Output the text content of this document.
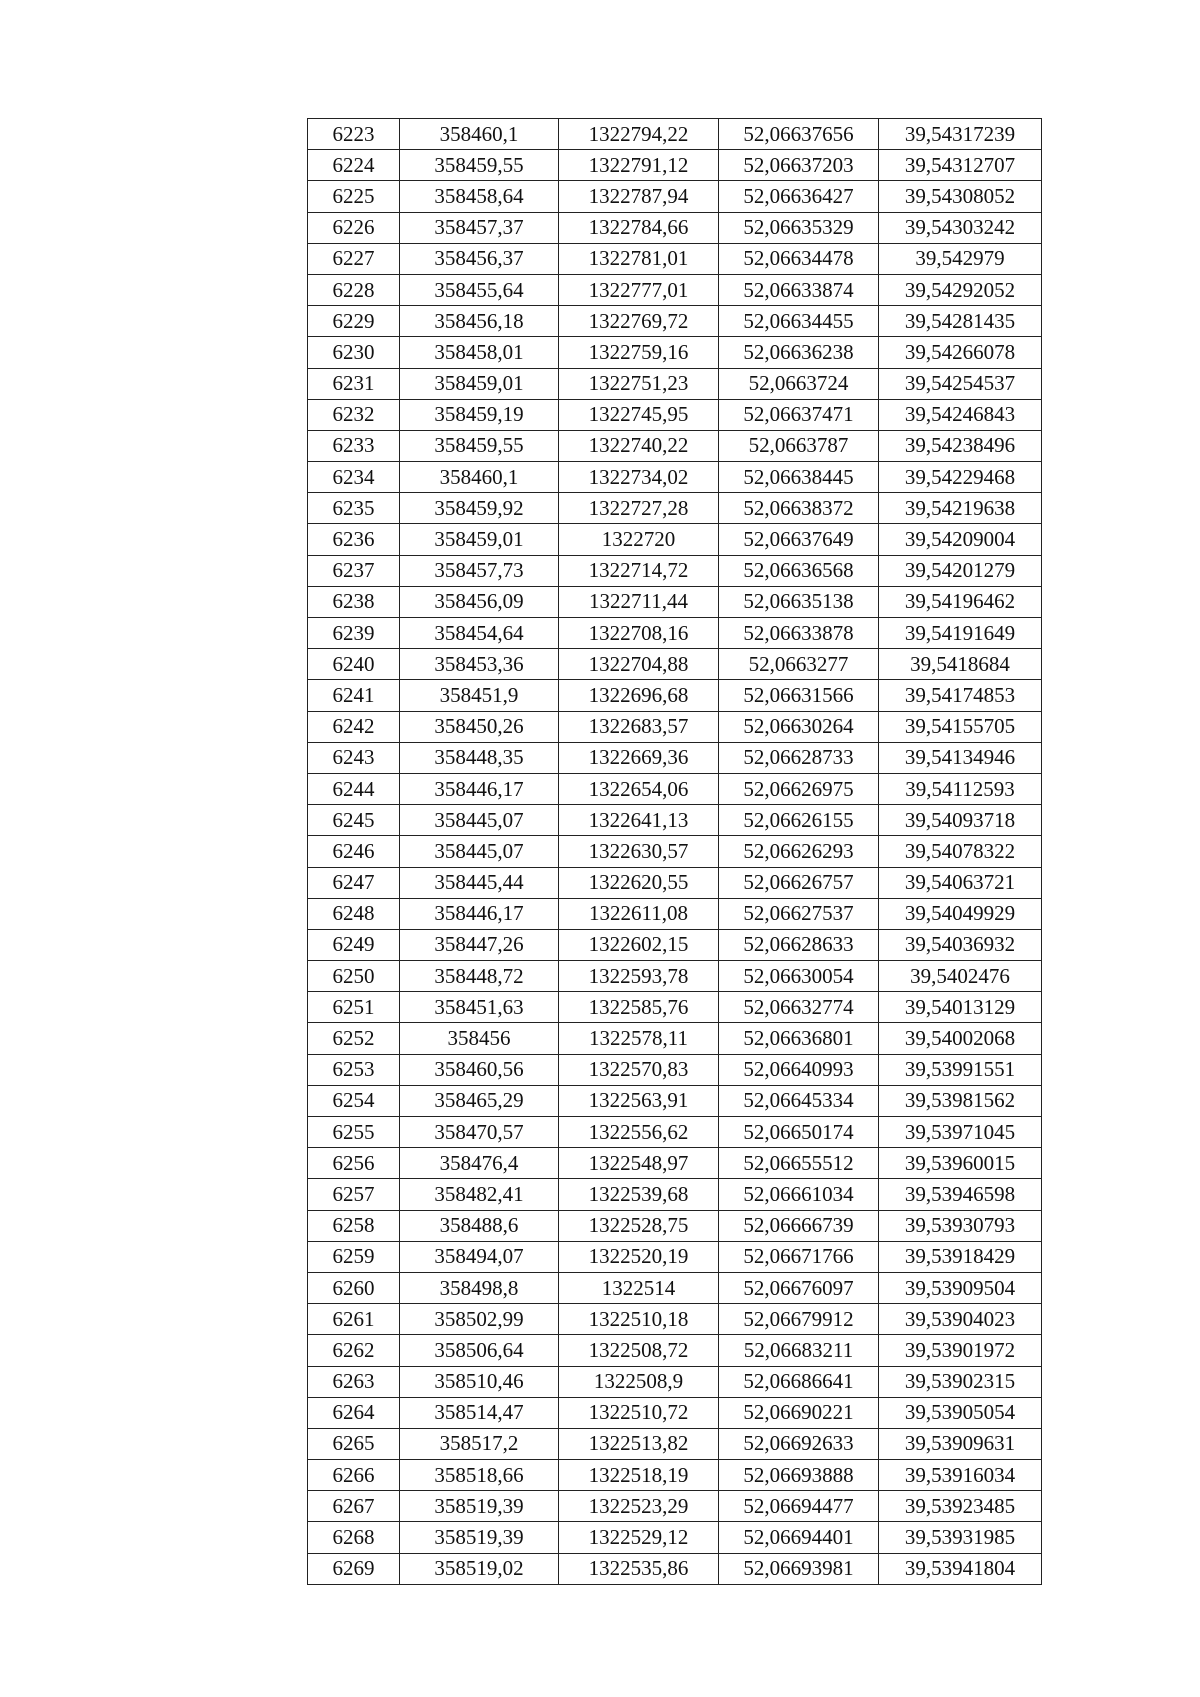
6223	358460,1	1322794,22	52,06637656	39,54317239
6224	358459,55	1322791,12	52,06637203	39,54312707
6225	358458,64	1322787,94	52,06636427	39,54308052
6226	358457,37	1322784,66	52,06635329	39,54303242
6227	358456,37	1322781,01	52,06634478	39,542979
6228	358455,64	1322777,01	52,06633874	39,54292052
6229	358456,18	1322769,72	52,06634455	39,54281435
6230	358458,01	1322759,16	52,06636238	39,54266078
6231	358459,01	1322751,23	52,0663724	39,54254537
6232	358459,19	1322745,95	52,06637471	39,54246843
6233	358459,55	1322740,22	52,0663787	39,54238496
6234	358460,1	1322734,02	52,06638445	39,54229468
6235	358459,92	1322727,28	52,06638372	39,54219638
6236	358459,01	1322720	52,06637649	39,54209004
6237	358457,73	1322714,72	52,06636568	39,54201279
6238	358456,09	1322711,44	52,06635138	39,54196462
6239	358454,64	1322708,16	52,06633878	39,54191649
6240	358453,36	1322704,88	52,0663277	39,5418684
6241	358451,9	1322696,68	52,06631566	39,54174853
6242	358450,26	1322683,57	52,06630264	39,54155705
6243	358448,35	1322669,36	52,06628733	39,54134946
6244	358446,17	1322654,06	52,06626975	39,54112593
6245	358445,07	1322641,13	52,06626155	39,54093718
6246	358445,07	1322630,57	52,06626293	39,54078322
6247	358445,44	1322620,55	52,06626757	39,54063721
6248	358446,17	1322611,08	52,06627537	39,54049929
6249	358447,26	1322602,15	52,06628633	39,54036932
6250	358448,72	1322593,78	52,06630054	39,5402476
6251	358451,63	1322585,76	52,06632774	39,54013129
6252	358456	1322578,11	52,06636801	39,54002068
6253	358460,56	1322570,83	52,06640993	39,53991551
6254	358465,29	1322563,91	52,06645334	39,53981562
6255	358470,57	1322556,62	52,06650174	39,53971045
6256	358476,4	1322548,97	52,06655512	39,53960015
6257	358482,41	1322539,68	52,06661034	39,53946598
6258	358488,6	1322528,75	52,06666739	39,53930793
6259	358494,07	1322520,19	52,06671766	39,53918429
6260	358498,8	1322514	52,06676097	39,53909504
6261	358502,99	1322510,18	52,06679912	39,53904023
6262	358506,64	1322508,72	52,06683211	39,53901972
6263	358510,46	1322508,9	52,06686641	39,53902315
6264	358514,47	1322510,72	52,06690221	39,53905054
6265	358517,2	1322513,82	52,06692633	39,53909631
6266	358518,66	1322518,19	52,06693888	39,53916034
6267	358519,39	1322523,29	52,06694477	39,53923485
6268	358519,39	1322529,12	52,06694401	39,53931985
6269	358519,02	1322535,86	52,06693981	39,53941804
